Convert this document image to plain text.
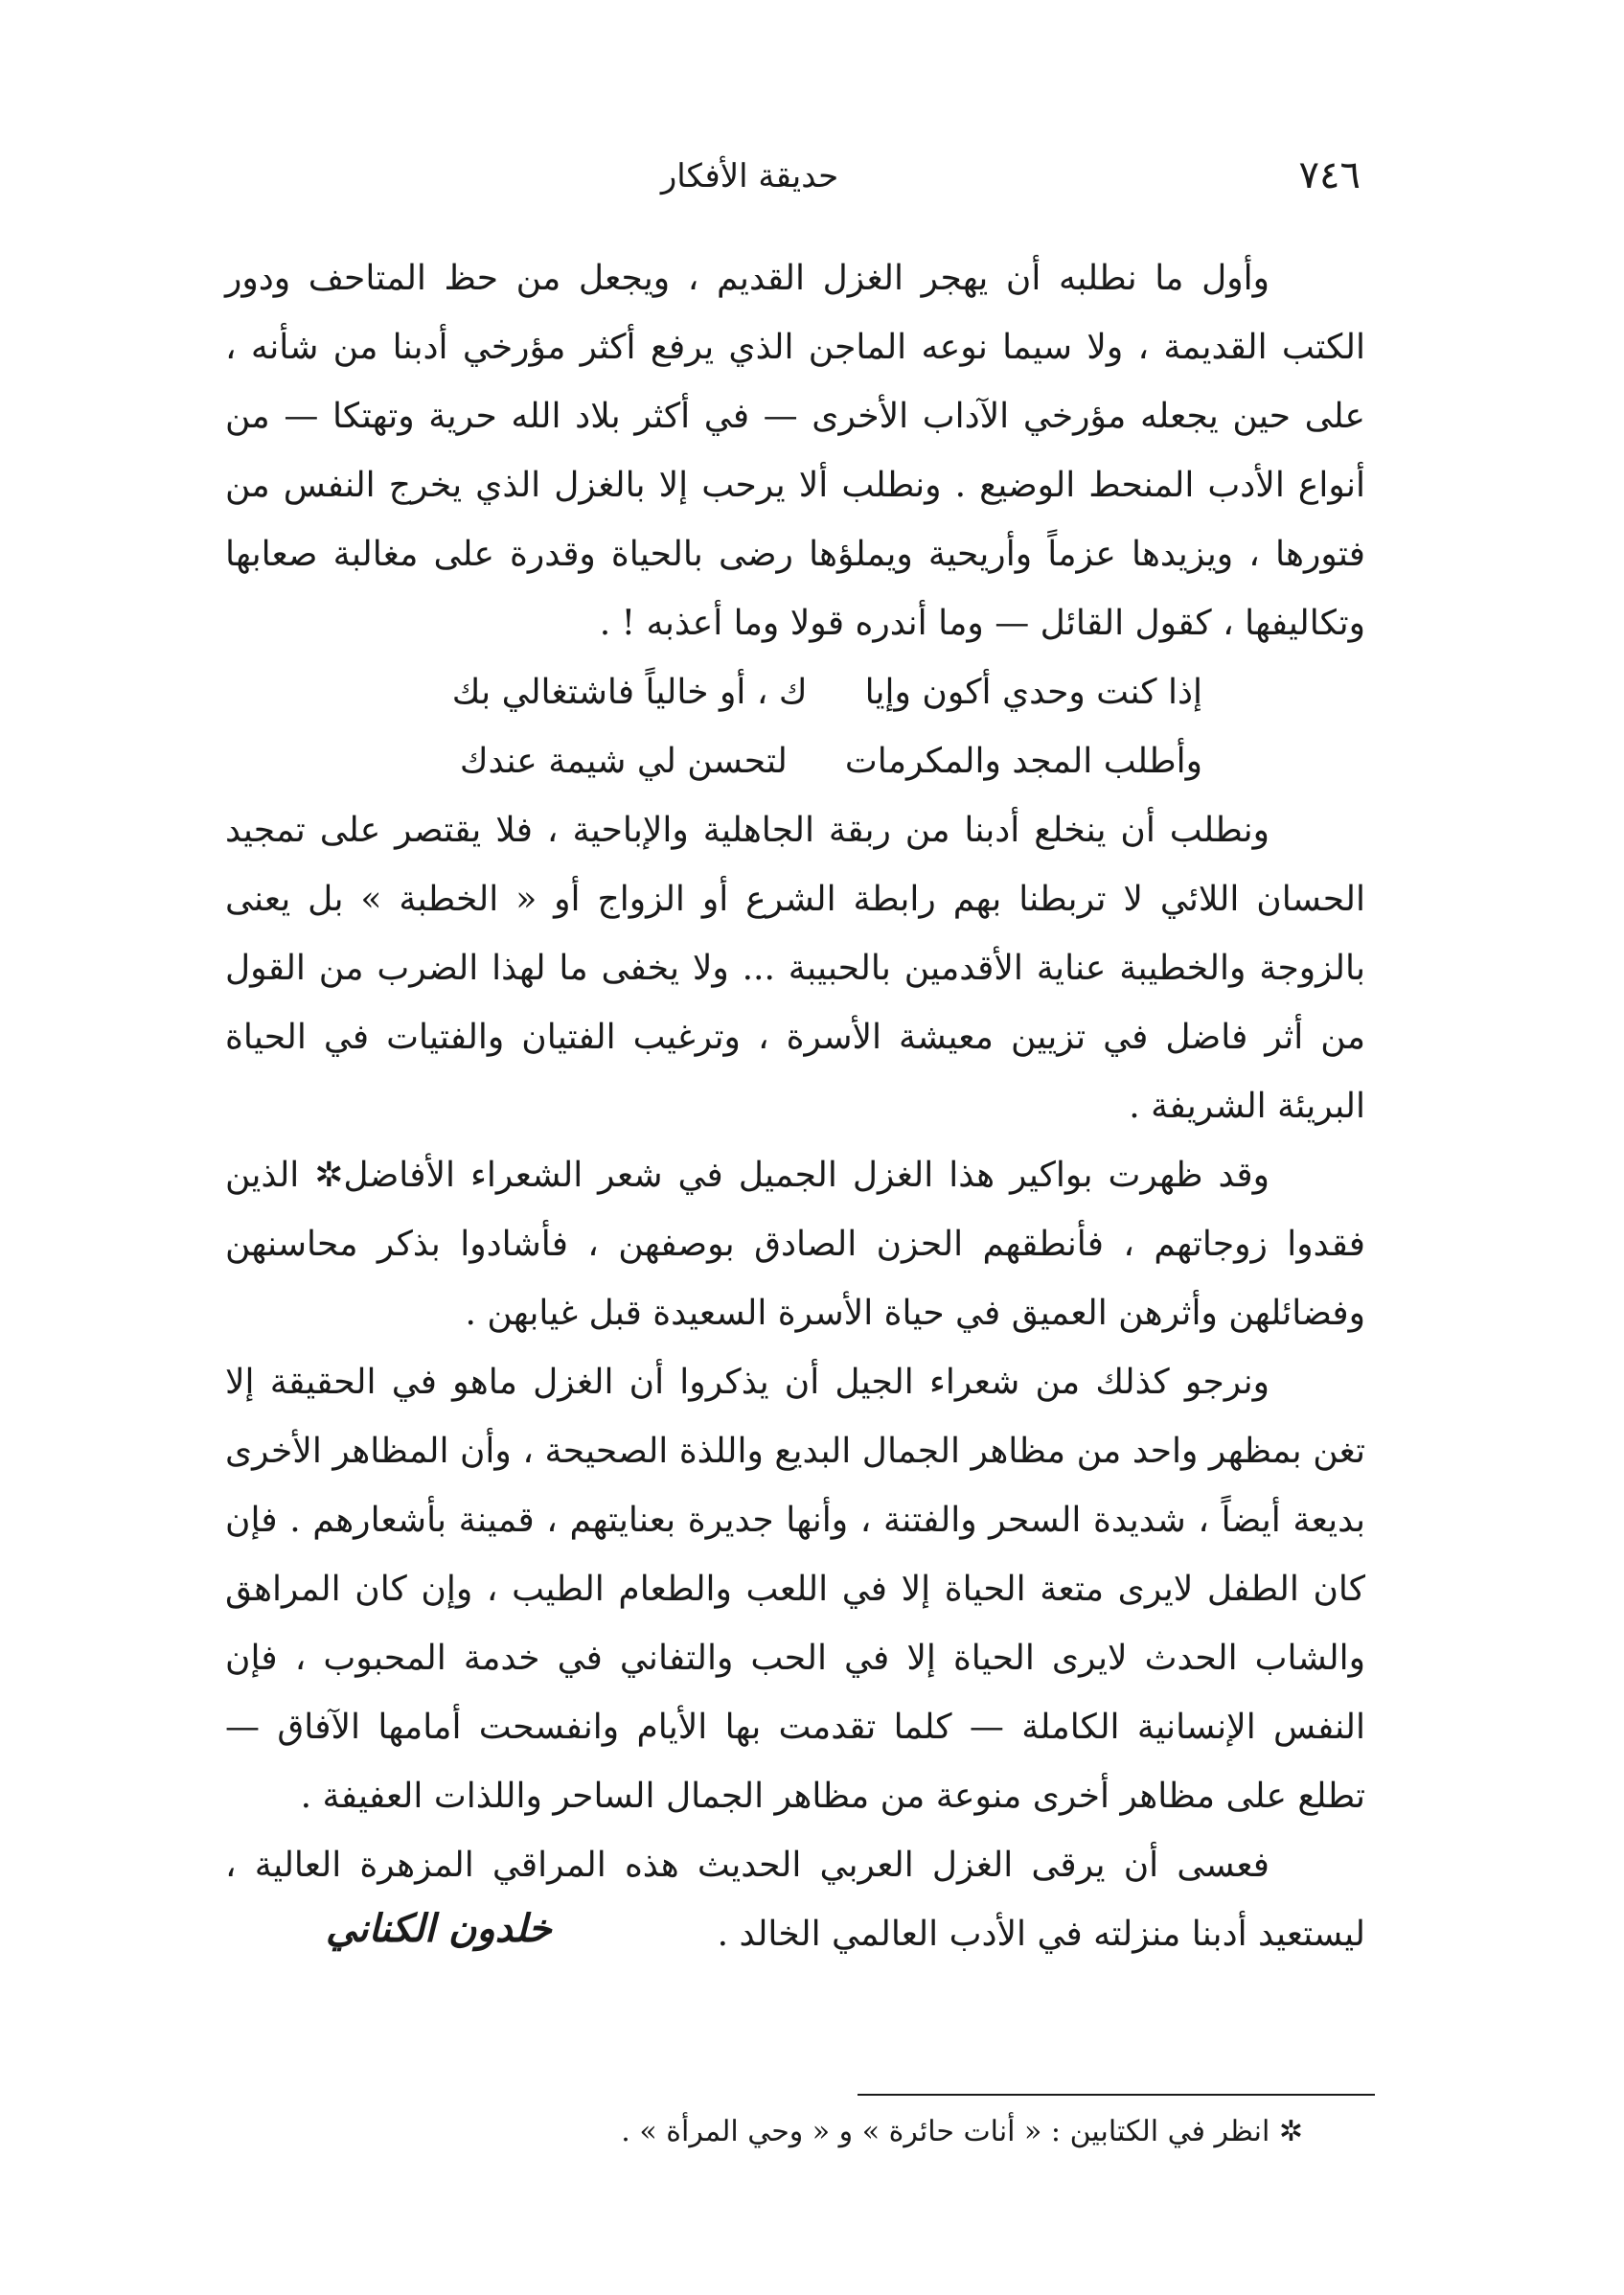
٧٤٦
حديقة الأفكار

وأول ما نطلبه أن يهجر الغزل القديم ، ويجعل من حظ المتاحف ودور الكتب القديمة ، ولا سيما نوعه الماجن الذي يرفع أكثر مؤرخي أدبنا من شأنه ، على حين يجعله مؤرخي الآداب الأخرى — في أكثر بلاد الله حرية وتهتكا — من أنواع الأدب المنحط الوضيع . ونطلب ألا يرحب إلا بالغزل الذي يخرج النفس من فتورها ، ويزيدها عزماً وأريحية ويملؤها رضى بالحياة وقدرة على مغالبة صعابها وتكاليفها ، كقول القائل — وما أندره قولا وما أعذبه ! .

إذا كنت وحدي أكون وإيا
ك ، أو خالياً فاشتغالي بك
وأطلب المجد والمكرمات
لتحسن لي شيمة عندك

ونطلب أن ينخلع أدبنا من ربقة الجاهلية والإباحية ، فلا يقتصر على تمجيد الحسان اللائي لا تربطنا بهم رابطة الشرع أو الزواج أو « الخطبة » بل يعنى بالزوجة والخطيبة عناية الأقدمين بالحبيبة ... ولا يخفى ما لهذا الضرب من القول من أثر فاضل في تزيين معيشة الأسرة ، وترغيب الفتيان والفتيات في الحياة البريئة الشريفة .

وقد ظهرت بواكير هذا الغزل الجميل في شعر الشعراء الأفاضل✲ الذين فقدوا زوجاتهم ، فأنطقهم الحزن الصادق بوصفهن ، فأشادوا بذكر محاسنهن وفضائلهن وأثرهن العميق في حياة الأسرة السعيدة قبل غيابهن .

ونرجو كذلك من شعراء الجيل أن يذكروا أن الغزل ماهو في الحقيقة إلا تغن بمظهر واحد من مظاهر الجمال البديع واللذة الصحيحة ، وأن المظاهر الأخرى بديعة أيضاً ، شديدة السحر والفتنة ، وأنها جديرة بعنايتهم ، قمينة بأشعارهم . فإن كان الطفل لايرى متعة الحياة إلا في اللعب والطعام الطيب ، وإن كان المراهق والشاب الحدث لايرى الحياة إلا في الحب والتفاني في خدمة المحبوب ، فإن النفس الإنسانية الكاملة — كلما تقدمت بها الأيام وانفسحت أمامها الآفاق — تطلع على مظاهر أخرى منوعة من مظاهر الجمال الساحر واللذات العفيفة .

فعسى أن يرقى الغزل العربي الحديث هذه المراقي المزهرة العالية ، ليستعيد أدبنا منزلته في الأدب العالمي الخالد .

خلدون الكناني
✲ انظر في الكتابين : « أنات حائرة » و « وحي المرأة » .
